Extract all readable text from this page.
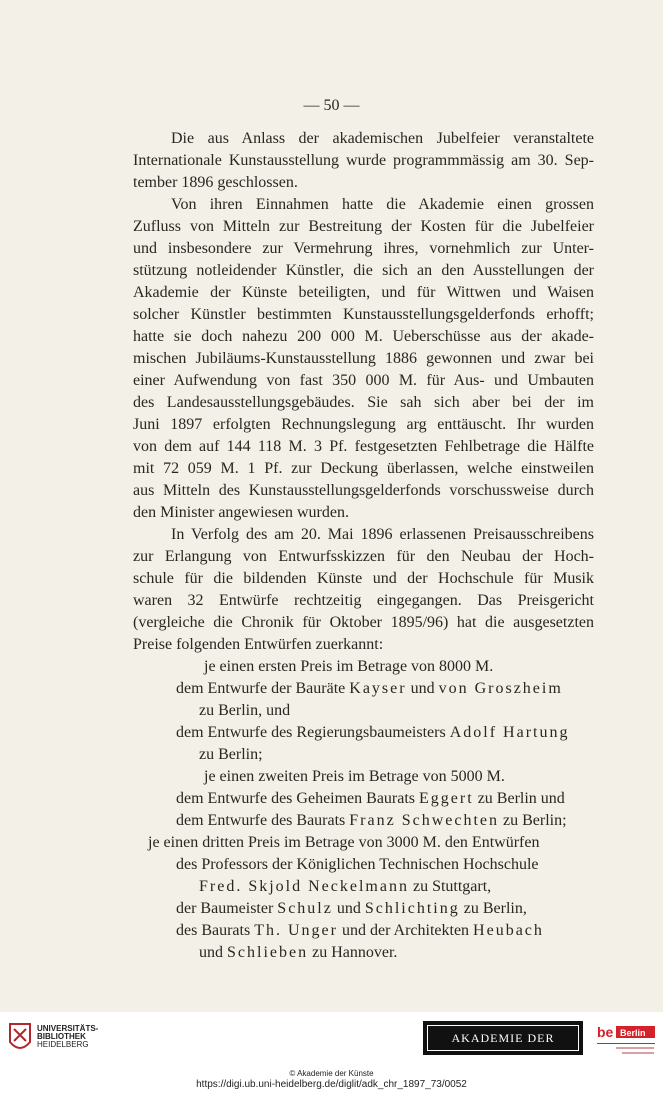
— 50 —
Die aus Anlass der akademischen Jubelfeier veranstaltete
Internationale Kunstausstellung wurde programmmässig am 30. Sep-
tember 1896 geschlossen.
Von ihren Einnahmen hatte die Akademie einen grossen
Zufluss von Mitteln zur Bestreitung der Kosten für die Jubelfeier
und insbesondere zur Vermehrung ihres, vornehmlich zur Unter-
stützung notleidender Künstler, die sich an den Ausstellungen der
Akademie der Künste beteiligten, und für Wittwen und Waisen
solcher Künstler bestimmten Kunstausstellungsgelderfonds erhofft;
hatte sie doch nahezu 200 000 M. Ueberschüsse aus der akade-
mischen Jubiläums-Kunstausstellung 1886 gewonnen und zwar bei
einer Aufwendung von fast 350 000 M. für Aus- und Umbauten
des Landesausstellungsgebäudes. Sie sah sich aber bei der im
Juni 1897 erfolgten Rechnungslegung arg enttäuscht. Ihr wurden
von dem auf 144 118 M. 3 Pf. festgesetzten Fehlbetrage die Hälfte
mit 72 059 M. 1 Pf. zur Deckung überlassen, welche einstweilen
aus Mitteln des Kunstausstellungsgelderfonds vorschussweise durch
den Minister angewiesen wurden.
In Verfolg des am 20. Mai 1896 erlassenen Preisausschreibens
zur Erlangung von Entwurfsskizzen für den Neubau der Hoch-
schule für die bildenden Künste und der Hochschule für Musik
waren 32 Entwürfe rechtzeitig eingegangen. Das Preisgericht
(vergleiche die Chronik für Oktober 1895/96) hat die ausgesetzten
Preise folgenden Entwürfen zuerkannt:
je einen ersten Preis im Betrage von 8000 M.
dem Entwurfe der Bauräte Kayser und von Groszheim
zu Berlin, und
dem Entwurfe des Regierungsbaumeisters Adolf Hartung
zu Berlin;
je einen zweiten Preis im Betrage von 5000 M.
dem Entwurfe des Geheimen Baurats Eggert zu Berlin und
dem Entwurfe des Baurats Franz Schwechten zu Berlin;
je einen dritten Preis im Betrage von 3000 M. den Entwürfen
des Professors der Königlichen Technischen Hochschule
Fred. Skjold Neckelmann zu Stuttgart,
der Baumeister Schulz und Schlichting zu Berlin,
des Baurats Th. Unger und der Architekten Heubach
und Schlieben zu Hannover.
UNIVERSITÄTS-
BIBLIOTHEK
HEIDELBERG	AKADEMIE DER KÜNSTE
be Berlin
© Akademie der Künste
https://digi.ub.uni-heidelberg.de/diglit/adk_chr_1897_73/0052
